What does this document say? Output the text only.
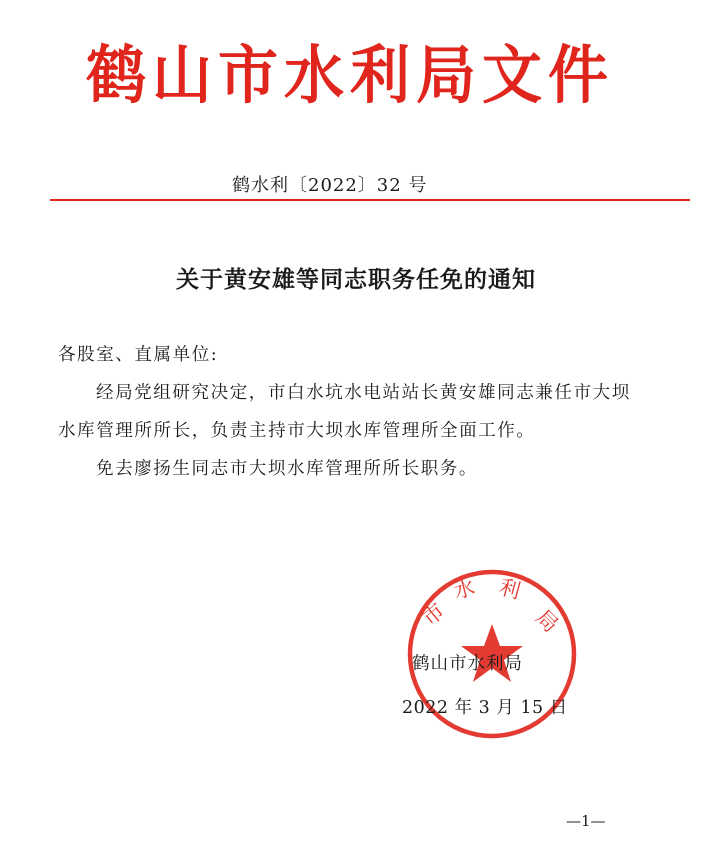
鹤山市水利局文件
鹤水利〔2022〕32 号
关于黄安雄等同志职务任免的通知

各股室、直属单位:

经局党组研究决定，市白水坑水电站站长黄安雄同志兼任市大坝水库管理所所长，负责主持市大坝水库管理所全面工作。

免去廖扬生同志市大坝水库管理所所长职务。

市
水 利
局
鹤山市水利局
2022 年 3 月 15 日
—1—
